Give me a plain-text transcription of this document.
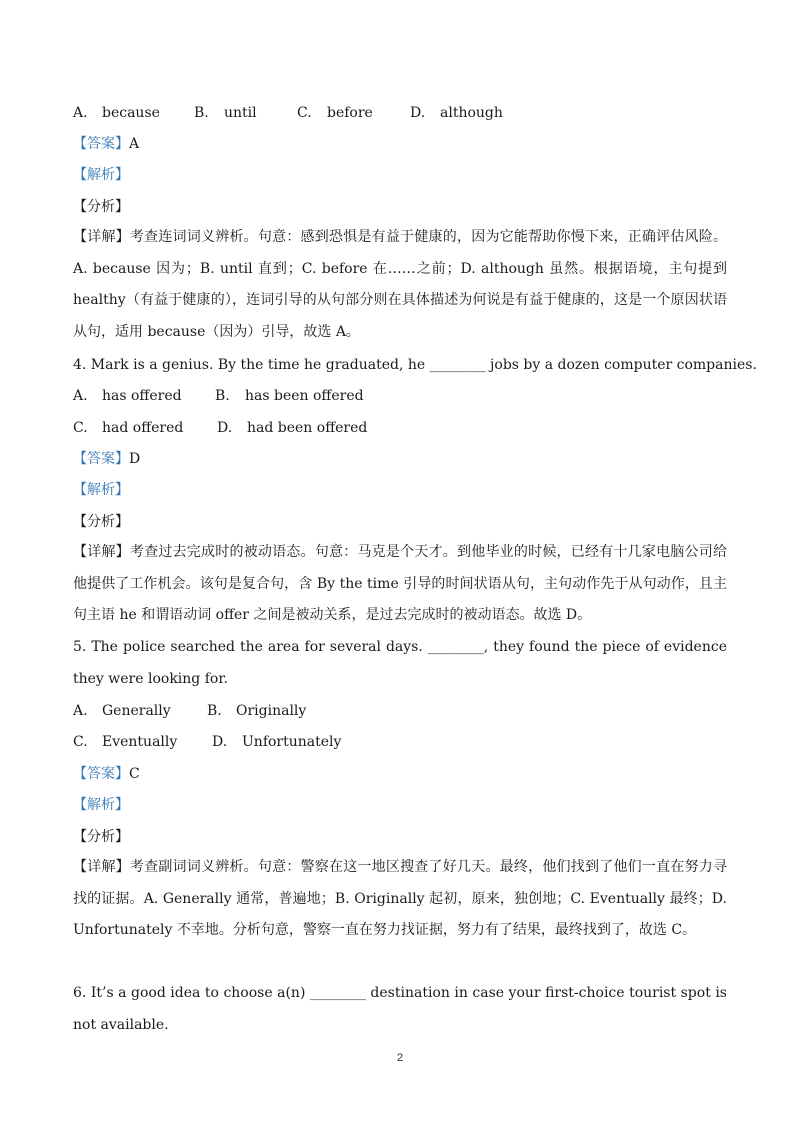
A. because B. until	C. before	D. although
【答案】A
【解析】
【分析】
【详解】考查连词词义辨析。句意：感到恐惧是有益于健康的，因为它能帮助你慢下来，正确评估风险。A. because 因为；B. until 直到；C. before 在……之前；D. although 虽然。根据语境，主句提到 healthy（有益于健康的），连词引导的从句部分则在具体描述为何说是有益于健康的，这是一个原因状语从句，适用 because（因为）引导，故选 A。
4. Mark is a genius. By the time he graduated, he ________ jobs by a dozen computer companies.
A. has offered B. has been offered
C. had offered D. had been offered
【答案】D
【解析】
【分析】
【详解】考查过去完成时的被动语态。句意：马克是个天才。到他毕业的时候，已经有十几家电脑公司给他提供了工作机会。该句是复合句，含 By the time 引导的时间状语从句，主句动作先于从句动作，且主句主语 he 和谓语动词 offer 之间是被动关系，是过去完成时的被动语态。故选 D。
5. The police searched the area for several days. ________, they found the piece of evidence they were looking for.
A. Generally	B. Originally
C. Eventually D. Unfortunately
【答案】C
【解析】
【分析】
【详解】考查副词词义辨析。句意：警察在这一地区搜查了好几天。最终，他们找到了他们一直在努力寻找的证据。A. Generally 通常，普遍地；B. Originally 起初，原来，独创地；C. Eventually 最终；D. Unfortunately 不幸地。分析句意，警察一直在努力找证据，努力有了结果，最终找到了，故选 C。
6. It’s a good idea to choose a(n) ________ destination in case your first-choice tourist spot is not available.
2
